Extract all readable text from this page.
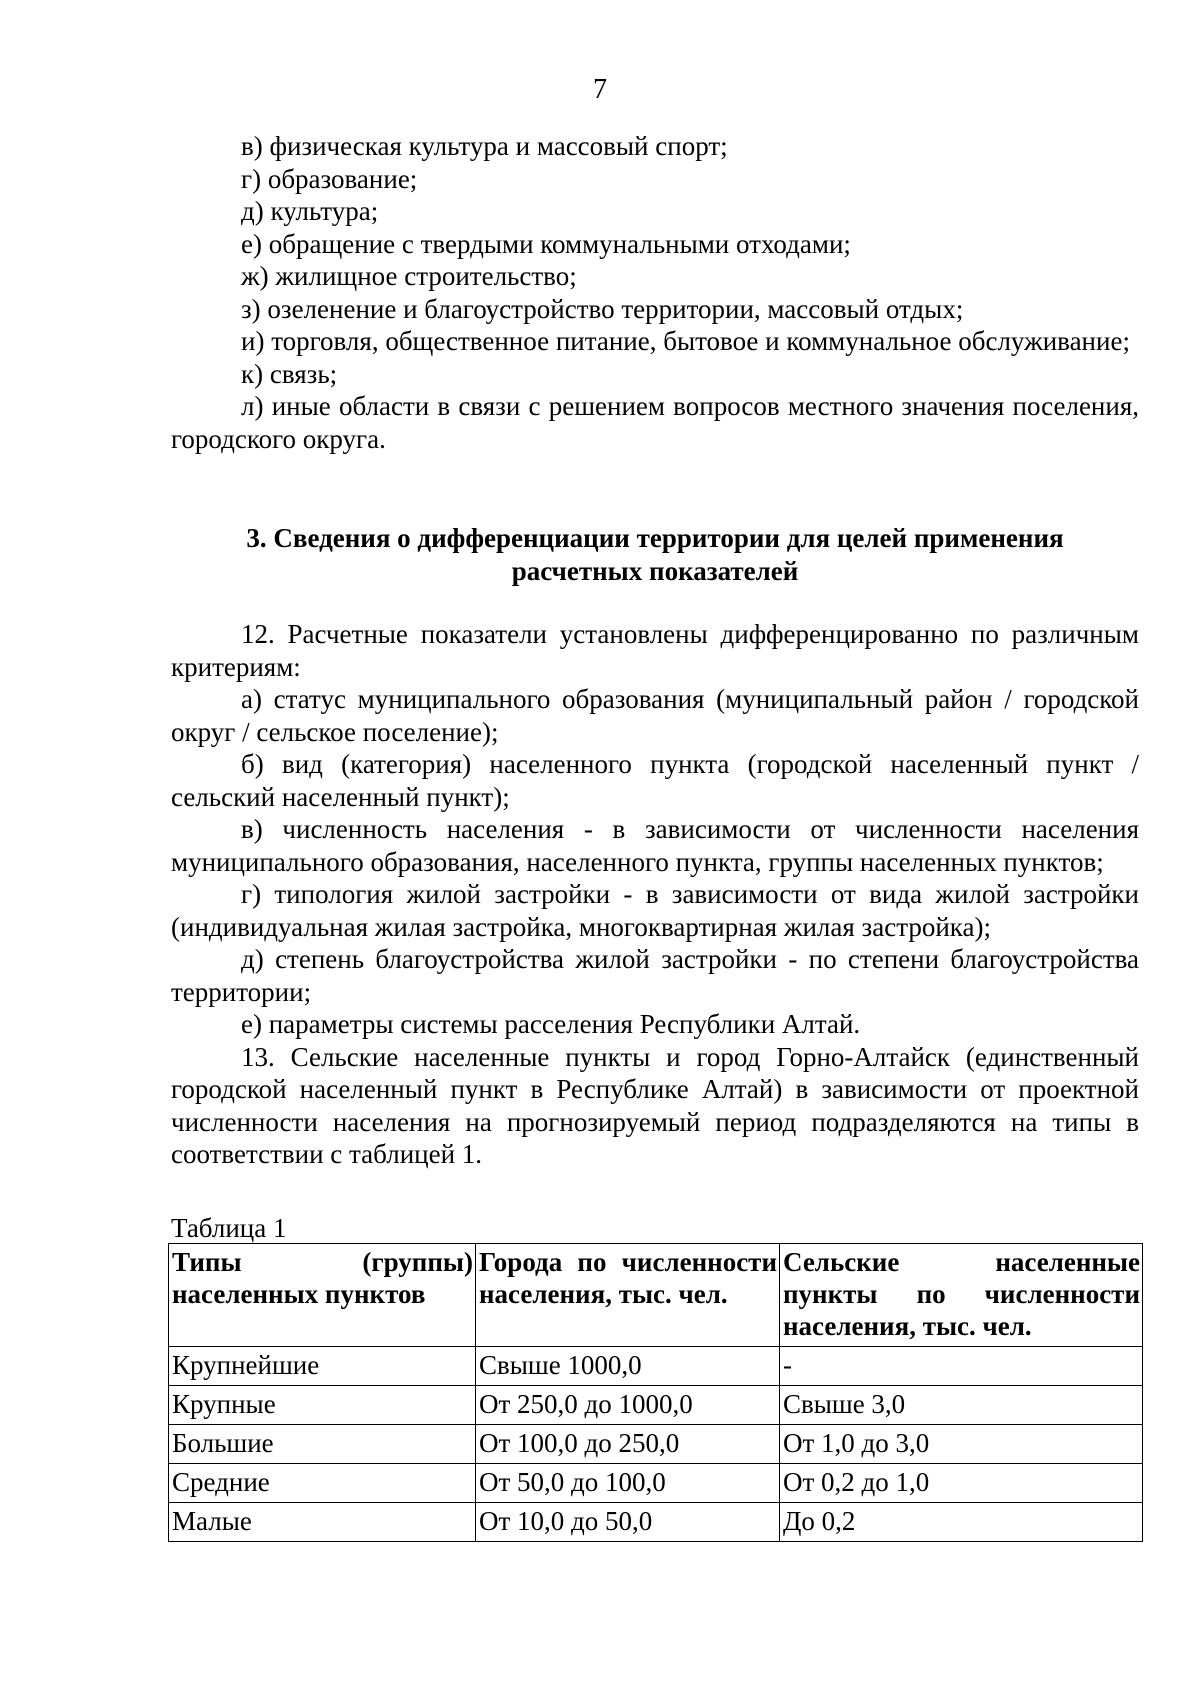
7

в) физическая культура и массовый спорт;

г) образование;

д) культура;

е) обращение с твердыми коммунальными отходами;

ж) жилищное строительство;

з) озеленение и благоустройство территории, массовый отдых;

и) торговля, общественное питание, бытовое и коммунальное обслуживание;

к) связь;

л) иные области в связи с решением вопросов местного значения поселения, городского округа.

3. Сведения о дифференциации территории для целей применения

расчетных показателей

12. Расчетные показатели установлены дифференцированно по различным критериям:

а) статус муниципального образования (муниципальный район / городской округ / сельское поселение);

б) вид (категория) населенного пункта (городской населенный пункт / сельский населенный пункт);

в) численность населения - в зависимости от численности населения муниципального образования, населенного пункта, группы населенных пунктов;

г) типология жилой застройки - в зависимости от вида жилой застройки (индивидуальная жилая застройка, многоквартирная жилая застройка);

д) степень благоустройства жилой застройки - по степени благоустройства территории;

е) параметры системы расселения Республики Алтай.

13. Сельские населенные пункты и город Горно-Алтайск (единственный городской населенный пункт в Республике Алтай) в зависимости от проектной численности населения на прогнозируемый период подразделяются на типы в соответствии с таблицей 1.

Таблица 1
Типы (группы) населенных пунктов	Города по численности населения, тыс. чел.	Сельские населенные пункты по численности населения, тыс. чел.
Крупнейшие	Свыше 1000,0	-
Крупные	От 250,0 до 1000,0	Свыше 3,0
Большие	От 100,0 до 250,0	От 1,0 до 3,0
Средние	От 50,0 до 100,0	От 0,2 до 1,0
Малые	От 10,0 до 50,0	До 0,2
